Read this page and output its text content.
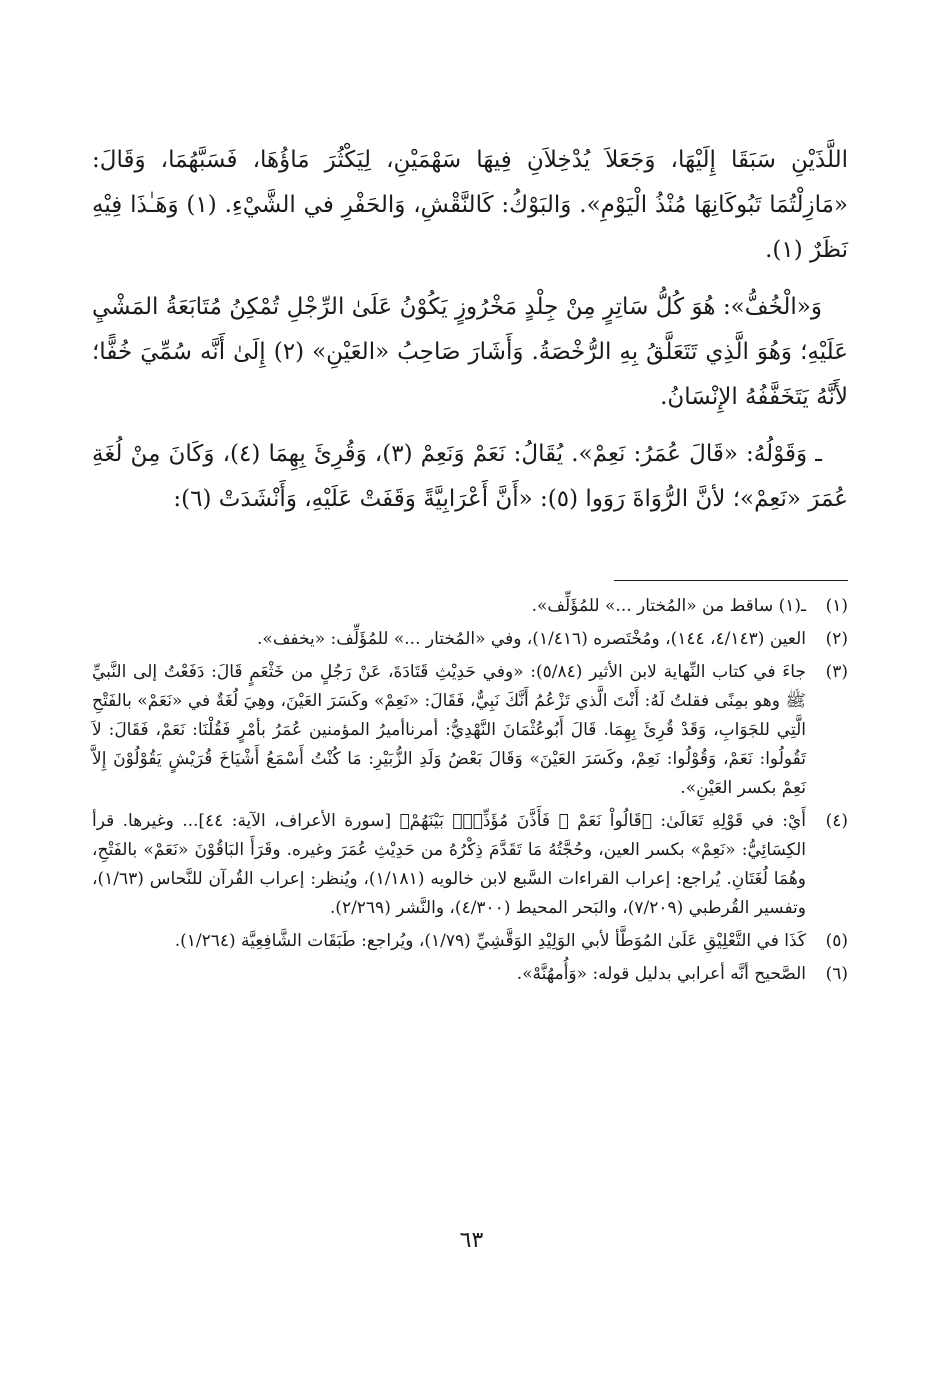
اللَّذَيْنِ سَبَقَا إِلَيْهَا، وَجَعَلاَ يُدْخِلاَنِ فِيهَا سَهْمَيْنِ، لِيَكْثُرَ مَاؤُهَا، فَسَبَّهُمَا، وَقَالَ: «مَازِلْتُمَا تَبُوكَانِهَا مُنْذُ الْيَوْمِ». وَالبَوْكُ: كَالنَّقْشِ، وَالحَفْرِ في الشَّيْءِ. (١) وَهَـٰذَا فِيْهِ نَظَرٌ (١).

وَ«الْخُفُّ»: هُوَ كُلُّ سَاتِرٍ مِنْ جِلْدٍ مَخْرُوزٍ يَكُوْنُ عَلَىٰ الرِّجْلِ تُمْكِنُ مُتَابَعَةُ المَشْيِ عَلَيْهِ؛ وَهُوَ الَّذِي تَتَعَلَّقُ بِهِ الرُّخْصَةُ. وَأَشَارَ صَاحِبُ «العَيْنِ» (٢) إِلَىٰ أَنَّه سُمِّيَ خُفًّا؛ لأَنَّهُ يَتَخَفَّفُهُ الإِنْسَانُ.

ـ وَقَوْلُهُ: «قَالَ عُمَرُ: نَعِمْ». يُقَالُ: نَعَمْ وَنَعِمْ (٣)، وَقُرِئَ بِهِمَا (٤)، وَكَانَ مِنْ لُغَةِ عُمَرَ «نَعِمْ»؛ لأنَّ الرُّوَاةَ رَوَوا (٥): «أَنَّ أَعْرَابِيَّةً وَقَفَتْ عَلَيْهِ، وَأَنْشَدَتْ (٦):

(١)
ـ(١) ساقط من «المُختار ...» للمُؤَلِّف».
(٢)
العين (٤/١٤٣، ١٤٤)، ومُخْتَصره (١/٤١٦)، وفي «المُختار ...» للمُؤَلِّف: «يخفف».
(٣)
جاءَ في كتاب النِّهاية لابن الأثير (٥/٨٤): «وفي حَدِيْثِ قَتَادَةَ، عَنْ رَجُلٍ من خَثْعَمٍ قَالَ: دَفَعْتُ إلى النَّبيِّ ﷺ وهو بمِنًى فقلتُ لَهُ: أَنْتَ الَّذي تَزْعُمُ أَنَّكَ نَبِيٌّ، فَقَالَ: «نَعِمْ» وكَسَرَ العَيْنَ، وهِيَ لُغَةٌ في «نَعَمْ» بالفَتْحِ الَّتِي للجَوَابِ، وَقَدْ قُرِئَ بِهِمَا. قَالَ أَبُوعُثْمَانَ النَّهْدِيُّ: أمرناأميرُ المؤمنين عُمَرُ بأمْرٍ فَقُلْنَا: نَعَمْ، فَقَالَ: لاَ تَقُولُوا: نَعَمْ، وَقُوْلُوا: نَعِمْ، وكَسَرَ العَيْنَ» وَقَالَ بَعْضُ وَلَدِ الزُّبَيْرِ: مَا كُنْتُ أَسْمَعُ أَشْيَاخَ قُرَيْشٍ يَقُوْلُوْنَ إِلاَّ نَعِمْ بكسر العَيْنِ».
(٤)
أَيْ: في قَوْلِهِ تَعَالَىٰ: ﴿قَالُواْ نَعَمْ ۚ فَأَذَّنَ مُؤَذِّنٌۢ بَيْنَهُمْ﴾ [سورة الأعراف، الآية: ٤٤]... وغيرها. قرأ الكِسَائِيُّ: «نَعِمْ» بكسر العين، وحُجَّتُهُ مَا تَقَدَّمَ ذِكْرُهُ من حَدِيْثِ عُمَرَ وغيره. وقَرَأَ البَاقُوْنَ «نَعَمْ» بالفَتْحِ، وهُمَا لُغَتَانِ. يُراجع: إعراب القراءات السَّبع لابن خالويه (١/١٨١)، ويُنظر: إعراب القُرآن للنَّحاس (١/٦٣)، وتفسير القُرطبي (٧/٢٠٩)، والبَحر المحيط (٤/٣٠٠)، والنَّشر (٢/٢٦٩).
(٥)
كَذَا في التَّعْلِيْقِ عَلَىٰ المُوَطَّأ لأبي الوَلِيْدِ الوَقَّشِيِّ (١/٧٩)، ويُراجع: طَبَقَات الشَّافِعِيَّة (١/٢٦٤).
(٦)
الصَّحيح أنَّه أعرابي بدليل قوله: «وَأُمهُنَّهْ».
٦٣
